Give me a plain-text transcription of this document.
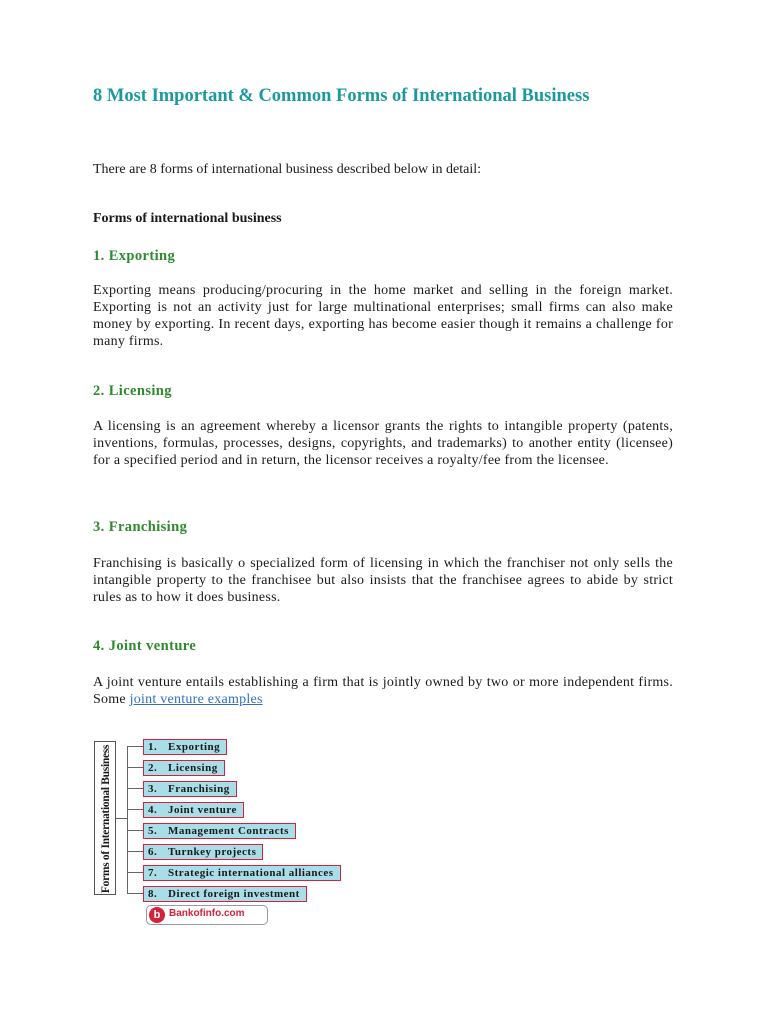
8 Most Important & Common Forms of International Business

There are 8 forms of international business described below in detail:

Forms of international business

1. Exporting

Exporting means producing/procuring in the home market and selling in the foreign market. Exporting is not an activity just for large multinational enterprises; small firms can also make money by exporting. In recent days, exporting has become easier though it remains a challenge for many firms.

2. Licensing

A licensing is an agreement whereby a licensor grants the rights to intangible property (patents, inventions, formulas, processes, designs, copyrights, and trademarks) to another entity (licensee) for a specified period and in return, the licensor receives a royalty/fee from the licensee.

3. Franchising

Franchising is basically o specialized form of licensing in which the franchiser not only sells the intangible property to the franchisee but also insists that the franchisee agrees to abide by strict rules as to how it does business.

4. Joint venture

A joint venture entails establishing a firm that is jointly owned by two or more independent firms. Some joint venture examples

Forms of International Business	1. Exporting
2. Licensing
3. Franchising
4. Joint venture
5. Management Contracts
6. Turnkey projects
7. Strategic international alliances
8. Direct foreign investment
b Bankofinfo.com
